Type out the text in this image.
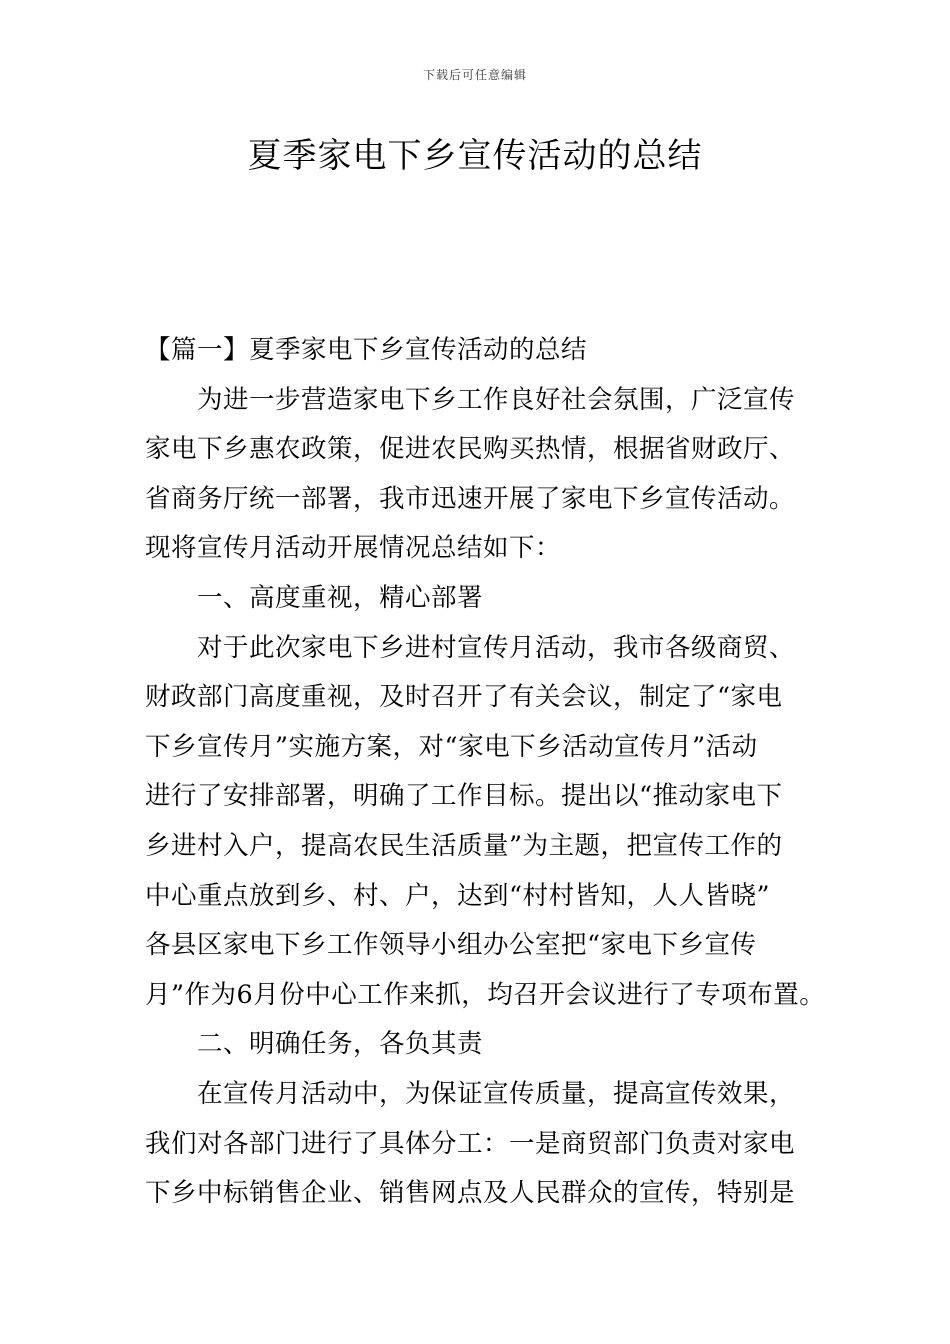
下载后可任意编辑
夏季家电下乡宣传活动的总结
【篇一】夏季家电下乡宣传活动的总结
为进一步营造家电下乡工作良好社会氛围，广泛宣传
家电下乡惠农政策，促进农民购买热情，根据省财政厅、
省商务厅统一部署，我市迅速开展了家电下乡宣传活动。
现将宣传月活动开展情况总结如下：
一、高度重视，精心部署
对于此次家电下乡进村宣传月活动，我市各级商贸、
财政部门高度重视，及时召开了有关会议，制定了“家电
下乡宣传月”实施方案，对“家电下乡活动宣传月”活动
进行了安排部署，明确了工作目标。提出以“推动家电下
乡进村入户，提高农民生活质量”为主题，把宣传工作的
中心重点放到乡、村、户，达到“村村皆知，人人皆晓”
各县区家电下乡工作领导小组办公室把“家电下乡宣传
月”作为6月份中心工作来抓，均召开会议进行了专项布置。
二、明确任务，各负其责
在宣传月活动中，为保证宣传质量，提高宣传效果，
我们对各部门进行了具体分工：一是商贸部门负责对家电
下乡中标销售企业、销售网点及人民群众的宣传，特别是
